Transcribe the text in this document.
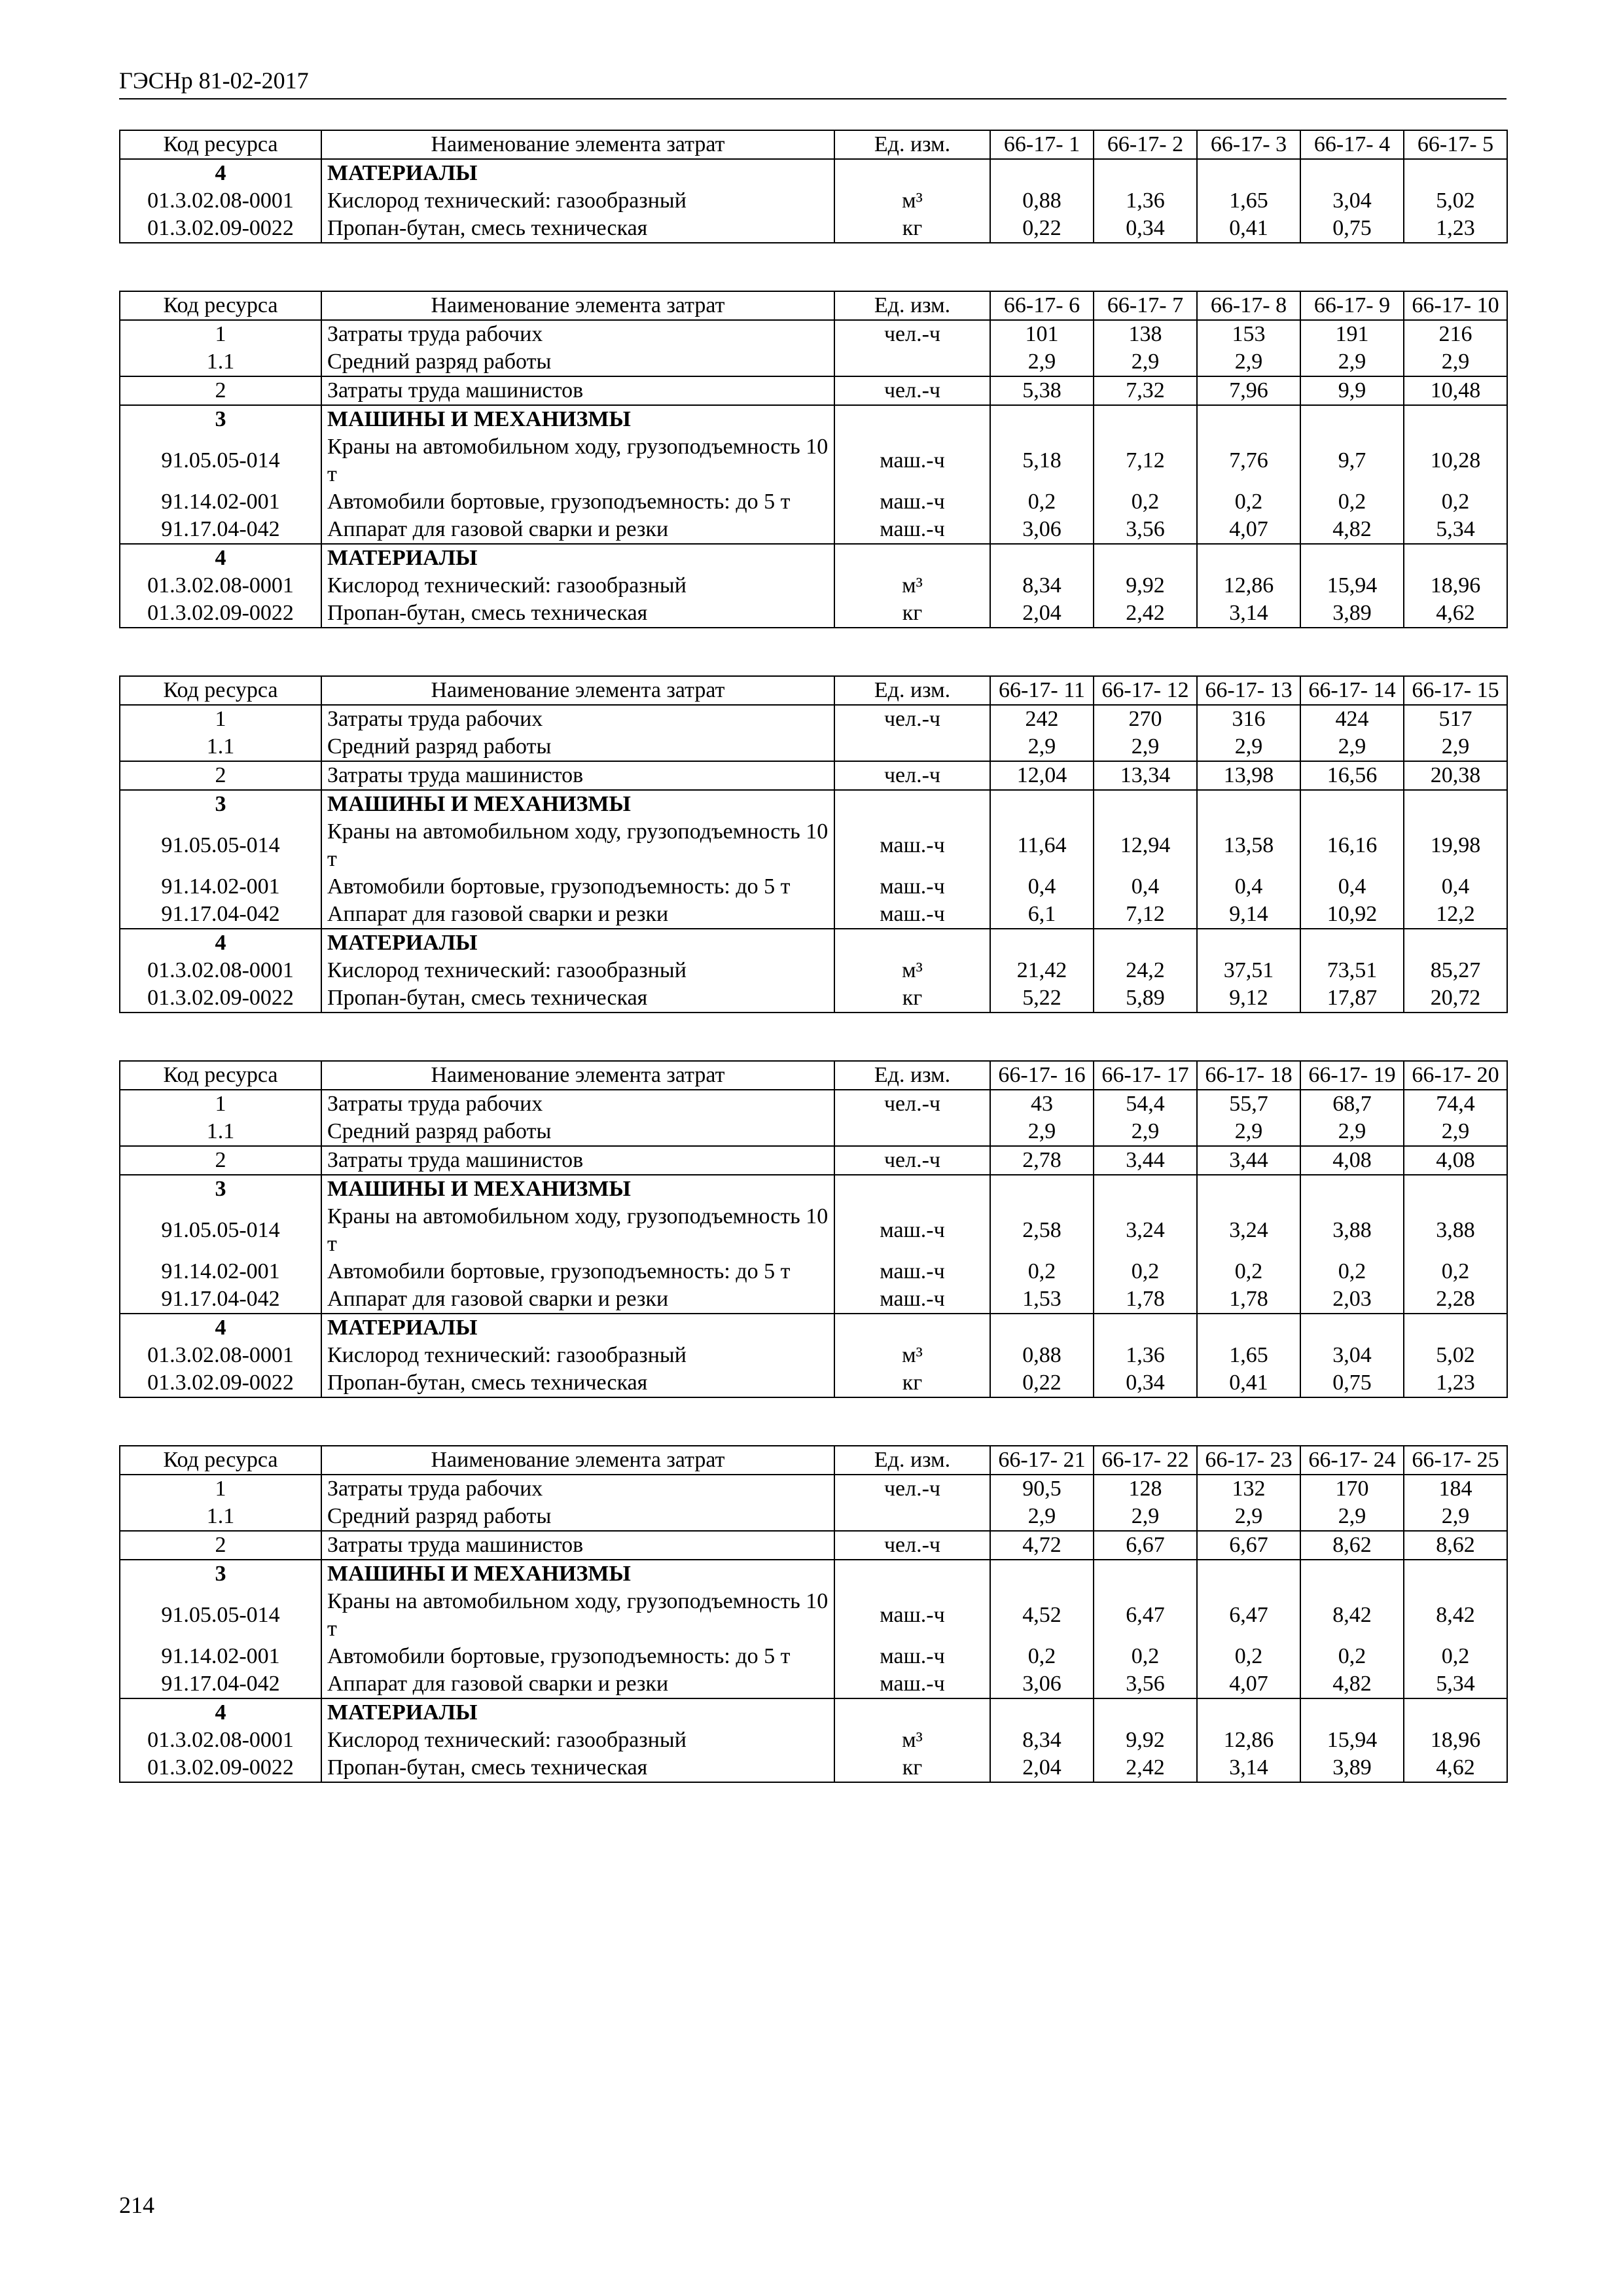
ГЭСНр 81-02-2017
Код ресурса	Наименование элемента затрат	Ед. изм.	66-17- 1	66-17- 2	66-17- 3	66-17- 4	66-17- 5
4	МАТЕРИАЛЫ						
01.3.02.08-0001	Кислород технический: газообразный	м³	0,88	1,36	1,65	3,04	5,02
01.3.02.09-0022	Пропан-бутан, смесь техническая	кг	0,22	0,34	0,41	0,75	1,23
Код ресурса	Наименование элемента затрат	Ед. изм.	66-17- 6	66-17- 7	66-17- 8	66-17- 9	66-17- 10
1	Затраты труда рабочих	чел.-ч	101	138	153	191	216
1.1	Средний разряд работы		2,9	2,9	2,9	2,9	2,9
2	Затраты труда машинистов	чел.-ч	5,38	7,32	7,96	9,9	10,48
3	МАШИНЫ И МЕХАНИЗМЫ						
91.05.05-014	Краны на автомобильном ходу, грузоподъемность 10 т	маш.-ч	5,18	7,12	7,76	9,7	10,28
91.14.02-001	Автомобили бортовые, грузоподъемность: до 5 т	маш.-ч	0,2	0,2	0,2	0,2	0,2
91.17.04-042	Аппарат для газовой сварки и резки	маш.-ч	3,06	3,56	4,07	4,82	5,34
4	МАТЕРИАЛЫ						
01.3.02.08-0001	Кислород технический: газообразный	м³	8,34	9,92	12,86	15,94	18,96
01.3.02.09-0022	Пропан-бутан, смесь техническая	кг	2,04	2,42	3,14	3,89	4,62
Код ресурса	Наименование элемента затрат	Ед. изм.	66-17- 11	66-17- 12	66-17- 13	66-17- 14	66-17- 15
1	Затраты труда рабочих	чел.-ч	242	270	316	424	517
1.1	Средний разряд работы		2,9	2,9	2,9	2,9	2,9
2	Затраты труда машинистов	чел.-ч	12,04	13,34	13,98	16,56	20,38
3	МАШИНЫ И МЕХАНИЗМЫ						
91.05.05-014	Краны на автомобильном ходу, грузоподъемность 10 т	маш.-ч	11,64	12,94	13,58	16,16	19,98
91.14.02-001	Автомобили бортовые, грузоподъемность: до 5 т	маш.-ч	0,4	0,4	0,4	0,4	0,4
91.17.04-042	Аппарат для газовой сварки и резки	маш.-ч	6,1	7,12	9,14	10,92	12,2
4	МАТЕРИАЛЫ						
01.3.02.08-0001	Кислород технический: газообразный	м³	21,42	24,2	37,51	73,51	85,27
01.3.02.09-0022	Пропан-бутан, смесь техническая	кг	5,22	5,89	9,12	17,87	20,72
Код ресурса	Наименование элемента затрат	Ед. изм.	66-17- 16	66-17- 17	66-17- 18	66-17- 19	66-17- 20
1	Затраты труда рабочих	чел.-ч	43	54,4	55,7	68,7	74,4
1.1	Средний разряд работы		2,9	2,9	2,9	2,9	2,9
2	Затраты труда машинистов	чел.-ч	2,78	3,44	3,44	4,08	4,08
3	МАШИНЫ И МЕХАНИЗМЫ						
91.05.05-014	Краны на автомобильном ходу, грузоподъемность 10 т	маш.-ч	2,58	3,24	3,24	3,88	3,88
91.14.02-001	Автомобили бортовые, грузоподъемность: до 5 т	маш.-ч	0,2	0,2	0,2	0,2	0,2
91.17.04-042	Аппарат для газовой сварки и резки	маш.-ч	1,53	1,78	1,78	2,03	2,28
4	МАТЕРИАЛЫ						
01.3.02.08-0001	Кислород технический: газообразный	м³	0,88	1,36	1,65	3,04	5,02
01.3.02.09-0022	Пропан-бутан, смесь техническая	кг	0,22	0,34	0,41	0,75	1,23
Код ресурса	Наименование элемента затрат	Ед. изм.	66-17- 21	66-17- 22	66-17- 23	66-17- 24	66-17- 25
1	Затраты труда рабочих	чел.-ч	90,5	128	132	170	184
1.1	Средний разряд работы		2,9	2,9	2,9	2,9	2,9
2	Затраты труда машинистов	чел.-ч	4,72	6,67	6,67	8,62	8,62
3	МАШИНЫ И МЕХАНИЗМЫ						
91.05.05-014	Краны на автомобильном ходу, грузоподъемность 10 т	маш.-ч	4,52	6,47	6,47	8,42	8,42
91.14.02-001	Автомобили бортовые, грузоподъемность: до 5 т	маш.-ч	0,2	0,2	0,2	0,2	0,2
91.17.04-042	Аппарат для газовой сварки и резки	маш.-ч	3,06	3,56	4,07	4,82	5,34
4	МАТЕРИАЛЫ						
01.3.02.08-0001	Кислород технический: газообразный	м³	8,34	9,92	12,86	15,94	18,96
01.3.02.09-0022	Пропан-бутан, смесь техническая	кг	2,04	2,42	3,14	3,89	4,62
214
